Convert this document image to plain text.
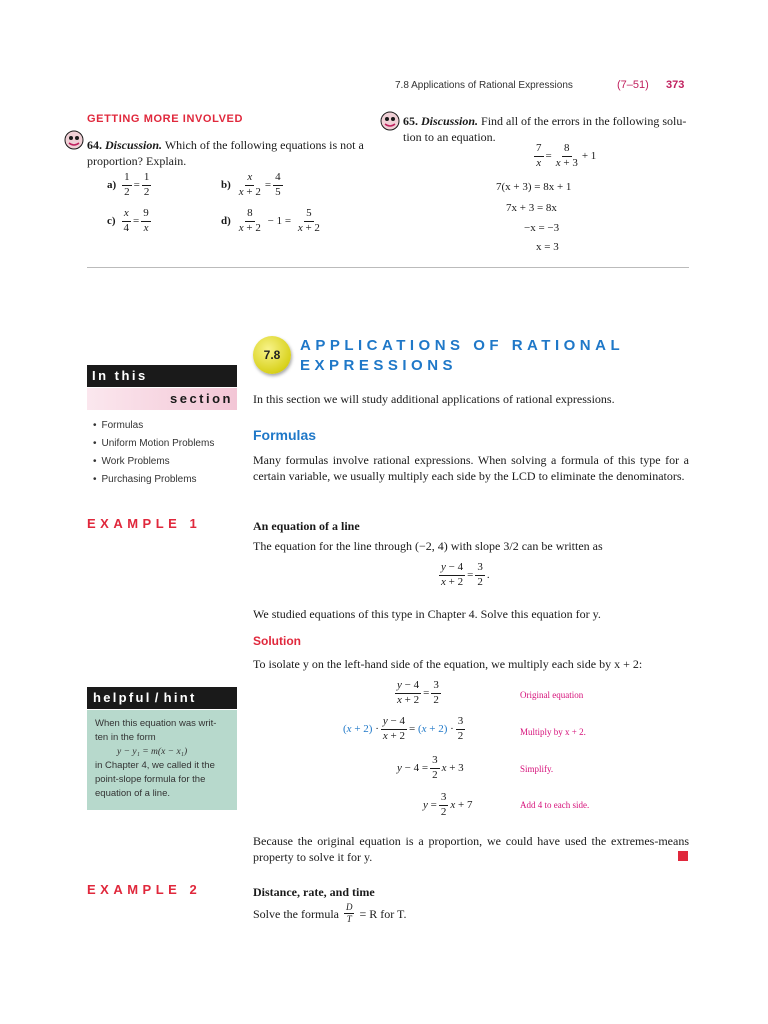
7.8 Applications of Rational Expressions	(7–51) 373
GETTING MORE INVOLVED
64. Discussion. Which of the following equations is not a proportion? Explain.
$a) \frac{1}{2} = \frac{1}{2}$	$b) \frac{x}{x + 2} = \frac{4}{5}$
$c) \frac{x}{4} = \frac{9}{x}$	$d) \frac{8}{x + 2} - 1 = \frac{5}{x + 2}$
65. Discussion. Find all of the errors in the following solu-tion to an equation.
$\frac{7}{x} = \frac{8}{x + 3} + 1$
7(x + 3) = 8x + 1
7x + 3 = 8x
−x = −3
x = 3
7.8
APPLICATIONS OF RATIONAL
EXPRESSIONS
In this
section
• Formulas
• Uniform Motion Problems
• Work Problems
• Purchasing Problems
In this section we will study additional applications of rational expressions.
Formulas
Many formulas involve rational expressions. When solving a formula of this type for a certain variable, we usually multiply each side by the LCD to eliminate the denominators.
EXAMPLE 1	An equation of a line
The equation for the line through (−2, 4) with slope 3/2 can be written as
$\frac{y - 4}{x + 2} = \frac{3}{2}$ .
We studied equations of this type in Chapter 4. Solve this equation for y.
Solution
To isolate y on the left-hand side of the equation, we multiply each side by x + 2:
$\frac{y - 4}{x + 2} = \frac{3}{2}$	Original equation
$(x + 2) \cdot \frac{y - 4}{x + 2} = (x + 2) \cdot \frac{3}{2}$	Multiply by x + 2.
$y - 4 = \frac{3}{2}$ x + 3	Simplify.
$y = \frac{3}{2}$ x + 7	Add 4 to each side.
Because the original equation is a proportion, we could have used the extremes-means property to solve it for y.
helpful / hint
When this equation was writ-
ten in the form
y − y₁ = m(x − x₁)
in Chapter 4, we called it the point-slope formula for the equation of a line.
EXAMPLE 2	Distance, rate, and time
Solve the formula
$\frac{D}{T}$
= R for T.
